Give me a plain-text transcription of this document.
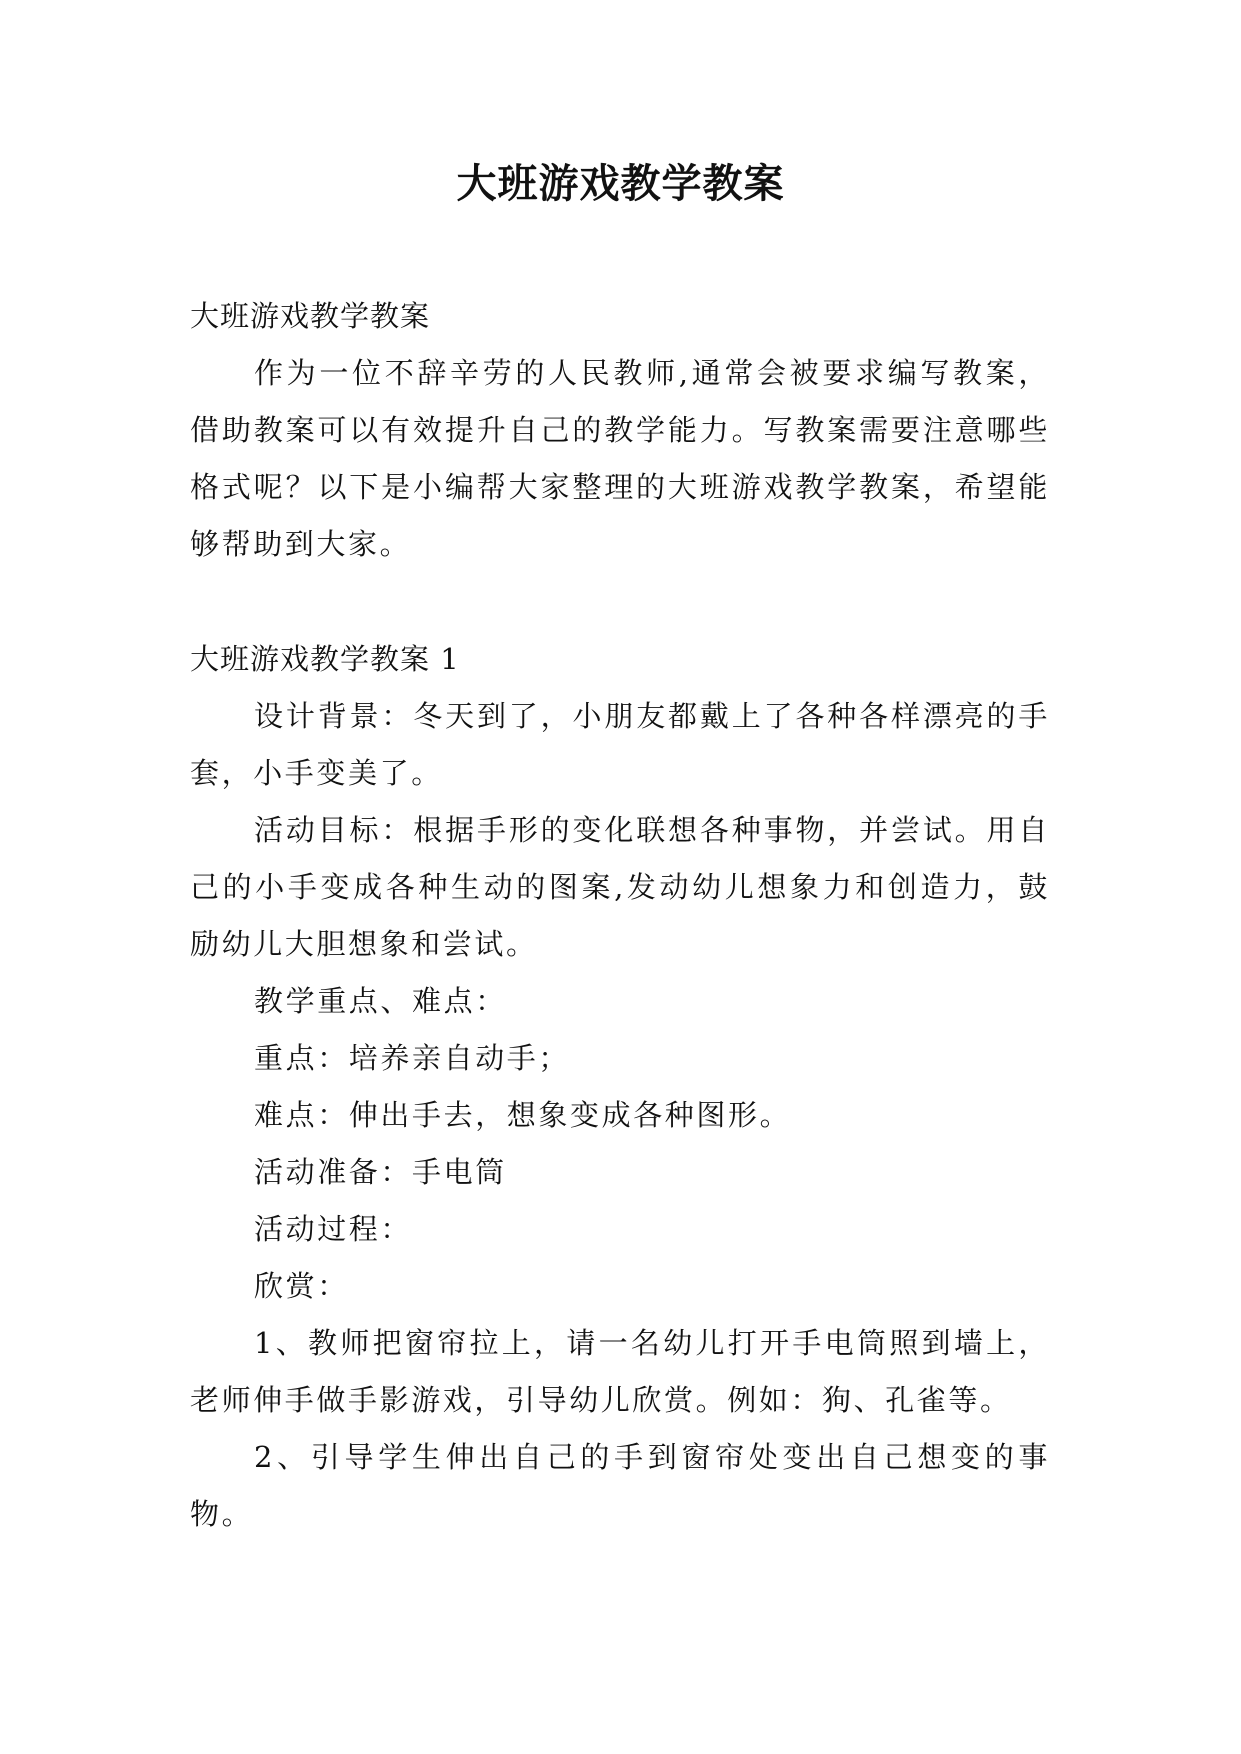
大班游戏教学教案

大班游戏教学教案

作为一位不辞辛劳的人民教师,通常会被要求编写教案，借助教案可以有效提升自己的教学能力。写教案需要注意哪些格式呢？以下是小编帮大家整理的大班游戏教学教案，希望能够帮助到大家。

大班游戏教学教案 1

设计背景：冬天到了，小朋友都戴上了各种各样漂亮的手套，小手变美了。

活动目标：根据手形的变化联想各种事物，并尝试。用自己的小手变成各种生动的图案,发动幼儿想象力和创造力，鼓励幼儿大胆想象和尝试。

教学重点、难点：

重点：培养亲自动手；

难点：伸出手去，想象变成各种图形。

活动准备：手电筒

活动过程：

欣赏：

1、教师把窗帘拉上，请一名幼儿打开手电筒照到墙上，老师伸手做手影游戏，引导幼儿欣赏。例如：狗、孔雀等。

2、引导学生伸出自己的手到窗帘处变出自己想变的事物。
